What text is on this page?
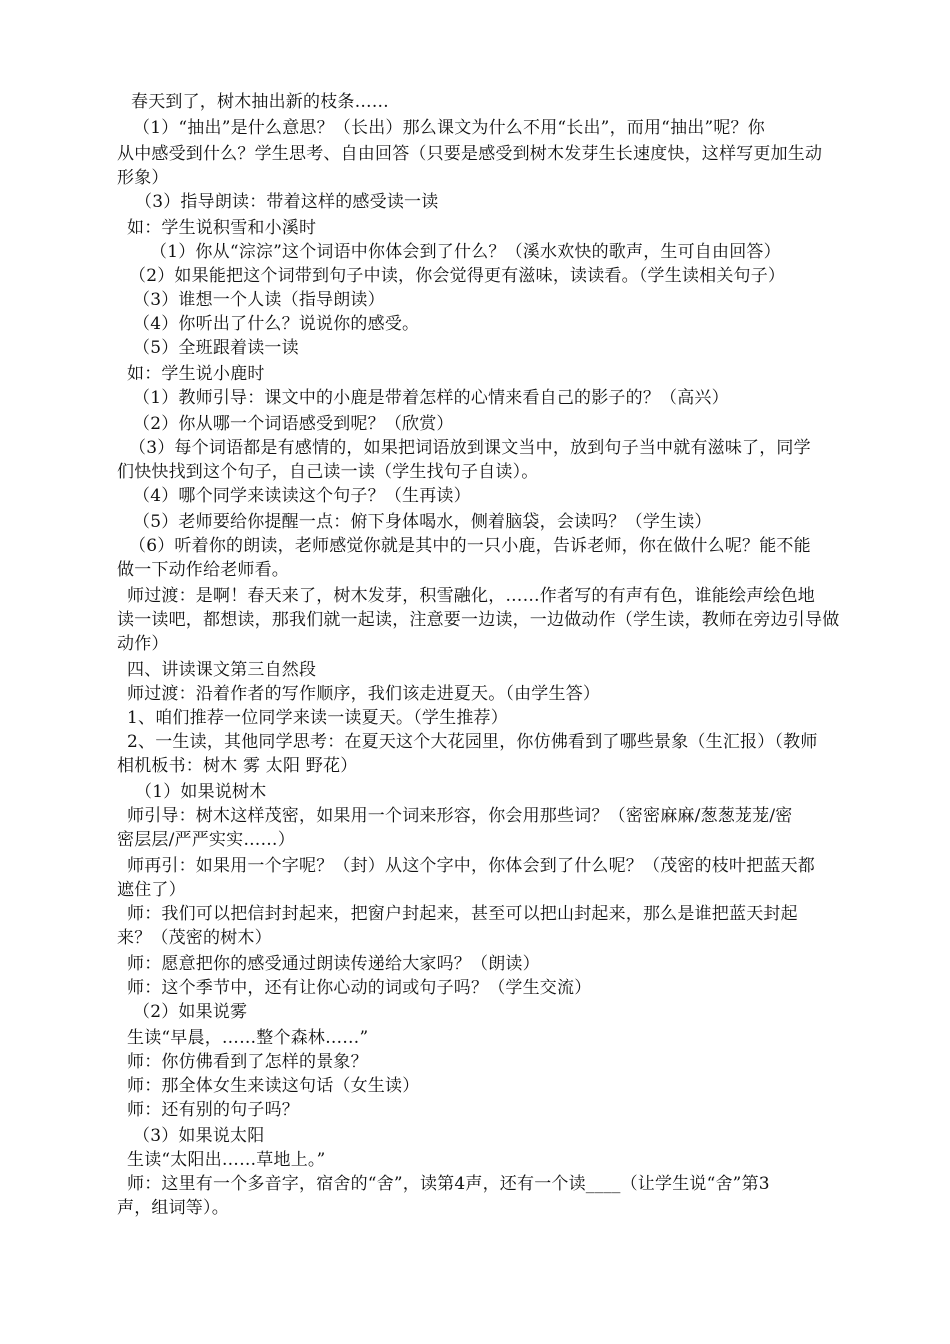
春天到了，树木抽出新的枝条……
（1）“抽出”是什么意思？（长出）那么课文为什么不用“长出”，而用“抽出”呢？你
从中感受到什么？学生思考、自由回答（只要是感受到树木发芽生长速度快，这样写更加生动
形象）
（3）指导朗读：带着这样的感受读一读
如：学生说积雪和小溪时
（1）你从“淙淙”这个词语中你体会到了什么？（溪水欢快的歌声，生可自由回答）
（2）如果能把这个词带到句子中读，你会觉得更有滋味，读读看。（学生读相关句子）
（3）谁想一个人读（指导朗读）
（4）你听出了什么？说说你的感受。
（5）全班跟着读一读
如：学生说小鹿时
（1）教师引导：课文中的小鹿是带着怎样的心情来看自己的影子的？（高兴）
（2）你从哪一个词语感受到呢？（欣赏）
（3）每个词语都是有感情的，如果把词语放到课文当中，放到句子当中就有滋味了，同学
们快快找到这个句子，自己读一读（学生找句子自读）。
（4）哪个同学来读读这个句子？（生再读）
（5）老师要给你提醒一点：俯下身体喝水，侧着脑袋，会读吗？（学生读）
（6）听着你的朗读，老师感觉你就是其中的一只小鹿，告诉老师，你在做什么呢？能不能
做一下动作给老师看。
师过渡：是啊！春天来了，树木发芽，积雪融化，……作者写的有声有色，谁能绘声绘色地
读一读吧，都想读，那我们就一起读，注意要一边读，一边做动作（学生读，教师在旁边引导做
动作）
四、讲读课文第三自然段
师过渡：沿着作者的写作顺序，我们该走进夏天。（由学生答）
1、咱们推荐一位同学来读一读夏天。（学生推荐）
2、一生读，其他同学思考：在夏天这个大花园里，你仿佛看到了哪些景象（生汇报）（教师
相机板书：树木 雾 太阳 野花）
（1）如果说树木
师引导：树木这样茂密，如果用一个词来形容，你会用那些词？（密密麻麻/葱葱茏茏/密
密层层/严严实实……）
师再引：如果用一个字呢？（封）从这个字中，你体会到了什么呢？（茂密的枝叶把蓝天都
遮住了）
师：我们可以把信封封起来，把窗户封起来，甚至可以把山封起来，那么是谁把蓝天封起
来？（茂密的树木）
师：愿意把你的感受通过朗读传递给大家吗？（朗读）
师：这个季节中，还有让你心动的词或句子吗？（学生交流）
（2）如果说雾
生读“早晨，……整个森林……”
师：你仿佛看到了怎样的景象？
师：那全体女生来读这句话（女生读）
师：还有别的句子吗？
（3）如果说太阳
生读“太阳出……草地上。”
师：这里有一个多音字，宿舍的“舍”，读第4声，还有一个读____（让学生说“舍”第3
声，组词等）。
